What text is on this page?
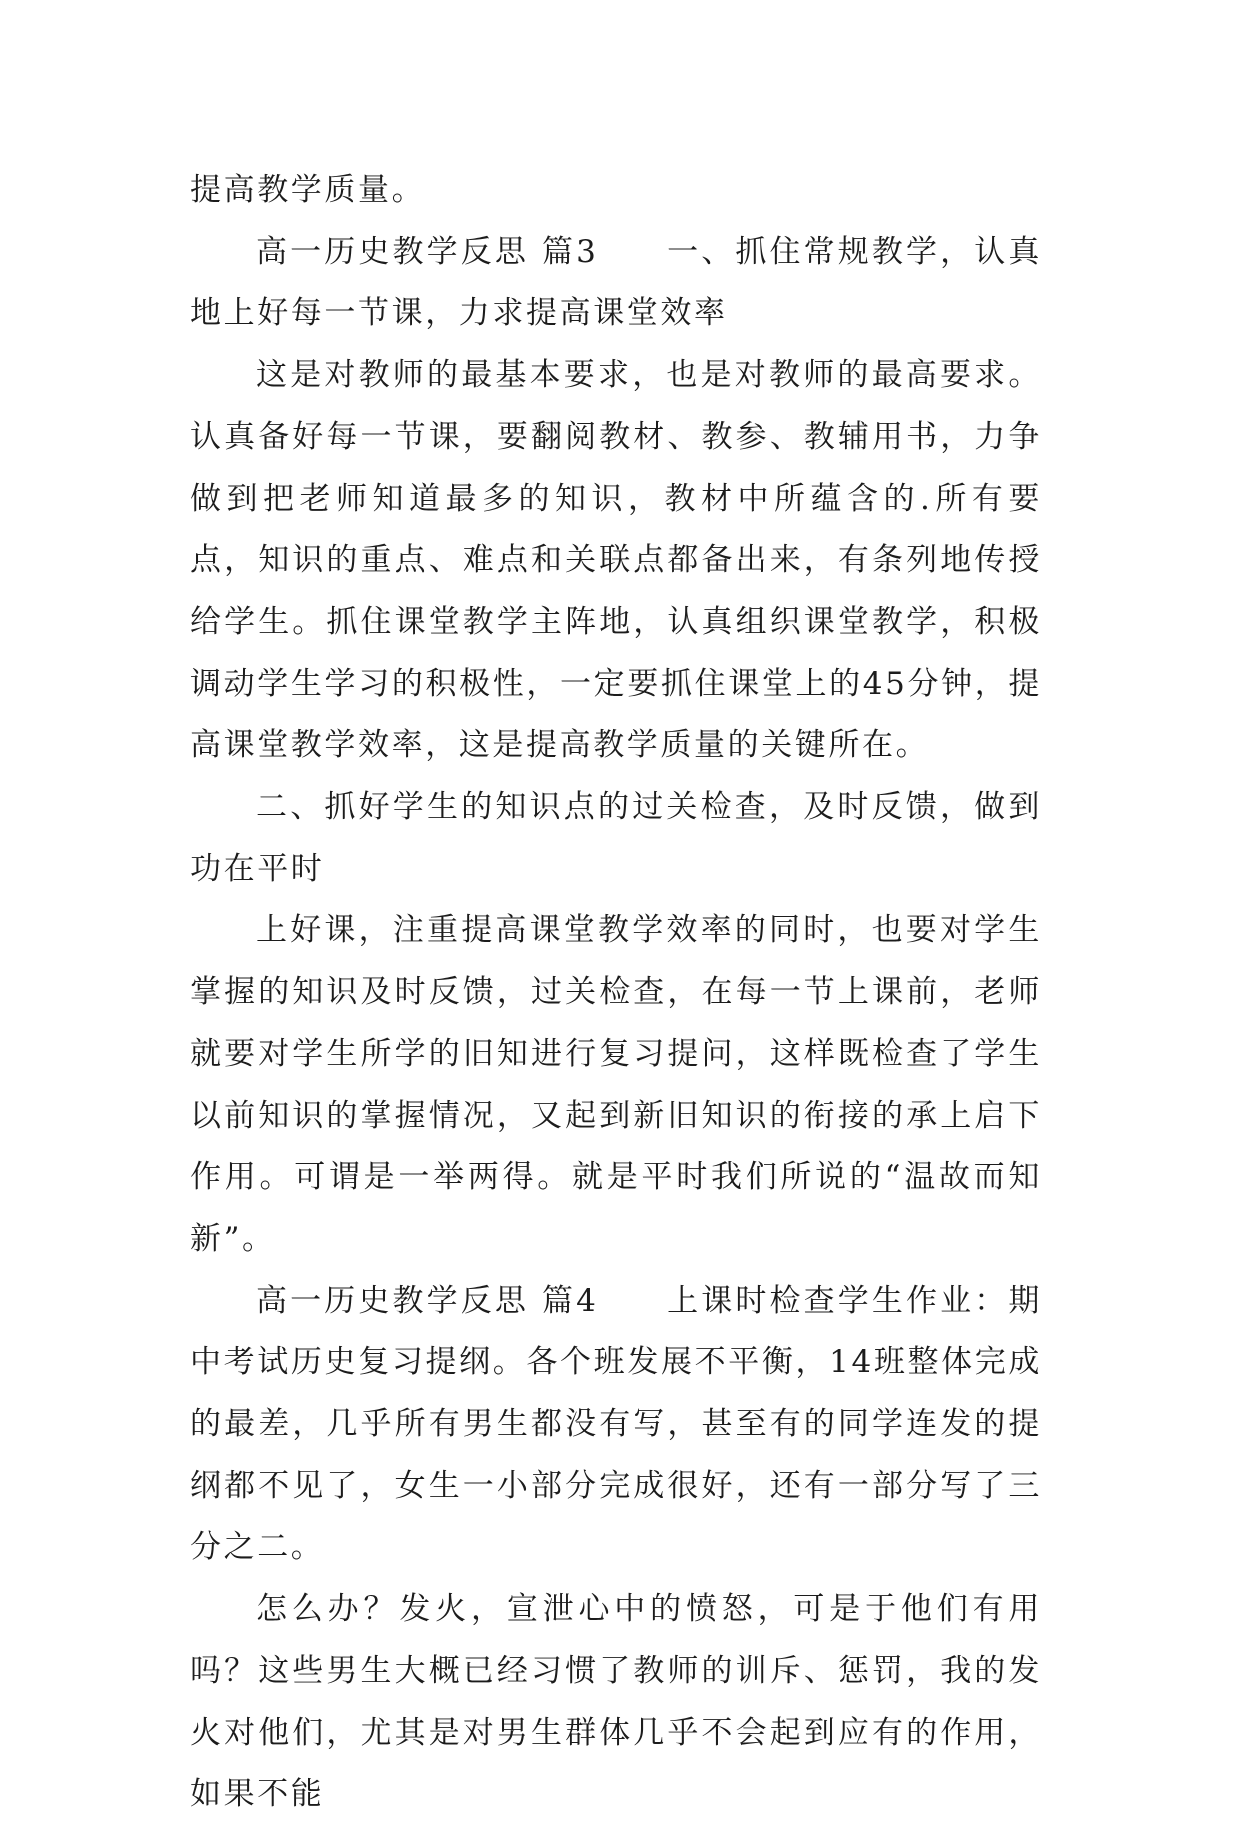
提高教学质量。

高一历史教学反思 篇3　　一、抓住常规教学，认真地上好每一节课，力求提高课堂效率

这是对教师的最基本要求，也是对教师的最高要求。认真备好每一节课，要翻阅教材、教参、教辅用书，力争做到把老师知道最多的知识，教材中所蕴含的.所有要点，知识的重点、难点和关联点都备出来，有条列地传授给学生。抓住课堂教学主阵地，认真组织课堂教学，积极调动学生学习的积极性，一定要抓住课堂上的45分钟，提高课堂教学效率，这是提高教学质量的关键所在。

二、抓好学生的知识点的过关检查，及时反馈，做到功在平时

上好课，注重提高课堂教学效率的同时，也要对学生掌握的知识及时反馈，过关检查，在每一节上课前，老师就要对学生所学的旧知进行复习提问，这样既检查了学生以前知识的掌握情况，又起到新旧知识的衔接的承上启下作用。可谓是一举两得。就是平时我们所说的“温故而知新”。

高一历史教学反思 篇4　　上课时检查学生作业：期中考试历史复习提纲。各个班发展不平衡，14班整体完成的最差，几乎所有男生都没有写，甚至有的同学连发的提纲都不见了，女生一小部分完成很好，还有一部分写了三分之二。

怎么办？发火，宣泄心中的愤怒，可是于他们有用吗？这些男生大概已经习惯了教师的训斥、惩罚，我的发火对他们，尤其是对男生群体几乎不会起到应有的作用，如果不能
